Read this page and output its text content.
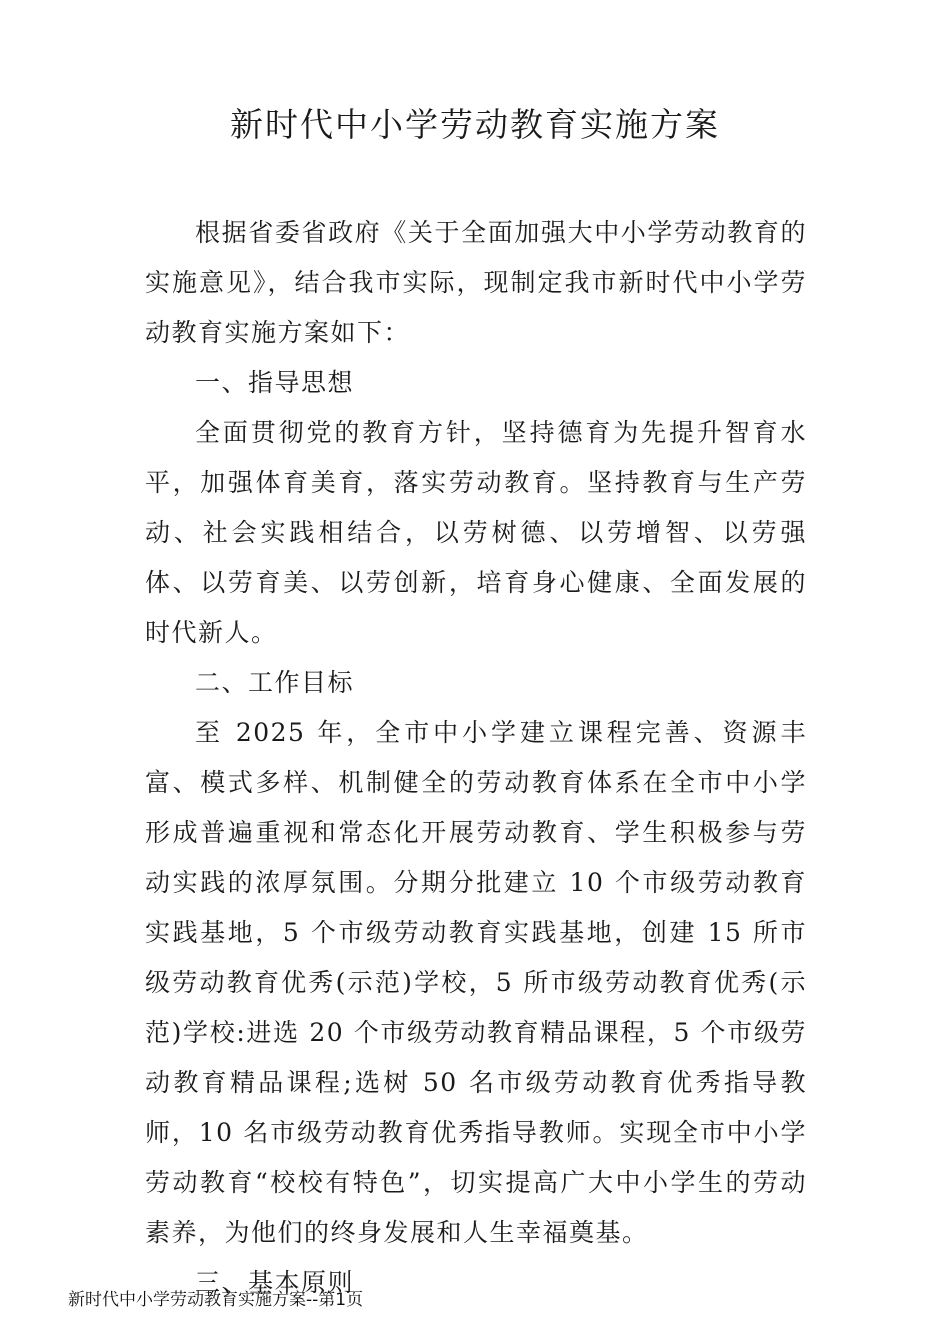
新时代中小学劳动教育实施方案

根据省委省政府《关于全面加强大中小学劳动教育的实施意见》，结合我市实际，现制定我市新时代中小学劳动教育实施方案如下：

一、指导思想

全面贯彻党的教育方针，坚持德育为先提升智育水平，加强体育美育，落实劳动教育。坚持教育与生产劳动、社会实践相结合，以劳树德、以劳增智、以劳强体、以劳育美、以劳创新，培育身心健康、全面发展的时代新人。

二、工作目标

至 2025 年，全市中小学建立课程完善、资源丰富、模式多样、机制健全的劳动教育体系在全市中小学形成普遍重视和常态化开展劳动教育、学生积极参与劳动实践的浓厚氛围。分期分批建立 10 个市级劳动教育实践基地，5 个市级劳动教育实践基地，创建 15 所市级劳动教育优秀(示范)学校，5 所市级劳动教育优秀(示范)学校:进选 20 个市级劳动教育精品课程，5 个市级劳动教育精品课程;选树 50 名市级劳动教育优秀指导教师，10 名市级劳动教育优秀指导教师。实现全市中小学劳动教育“校校有特色”，切实提高广大中小学生的劳动素养，为他们的终身发展和人生幸福奠基。

三、基本原则

新时代中小学劳动教育实施方案--第1页
